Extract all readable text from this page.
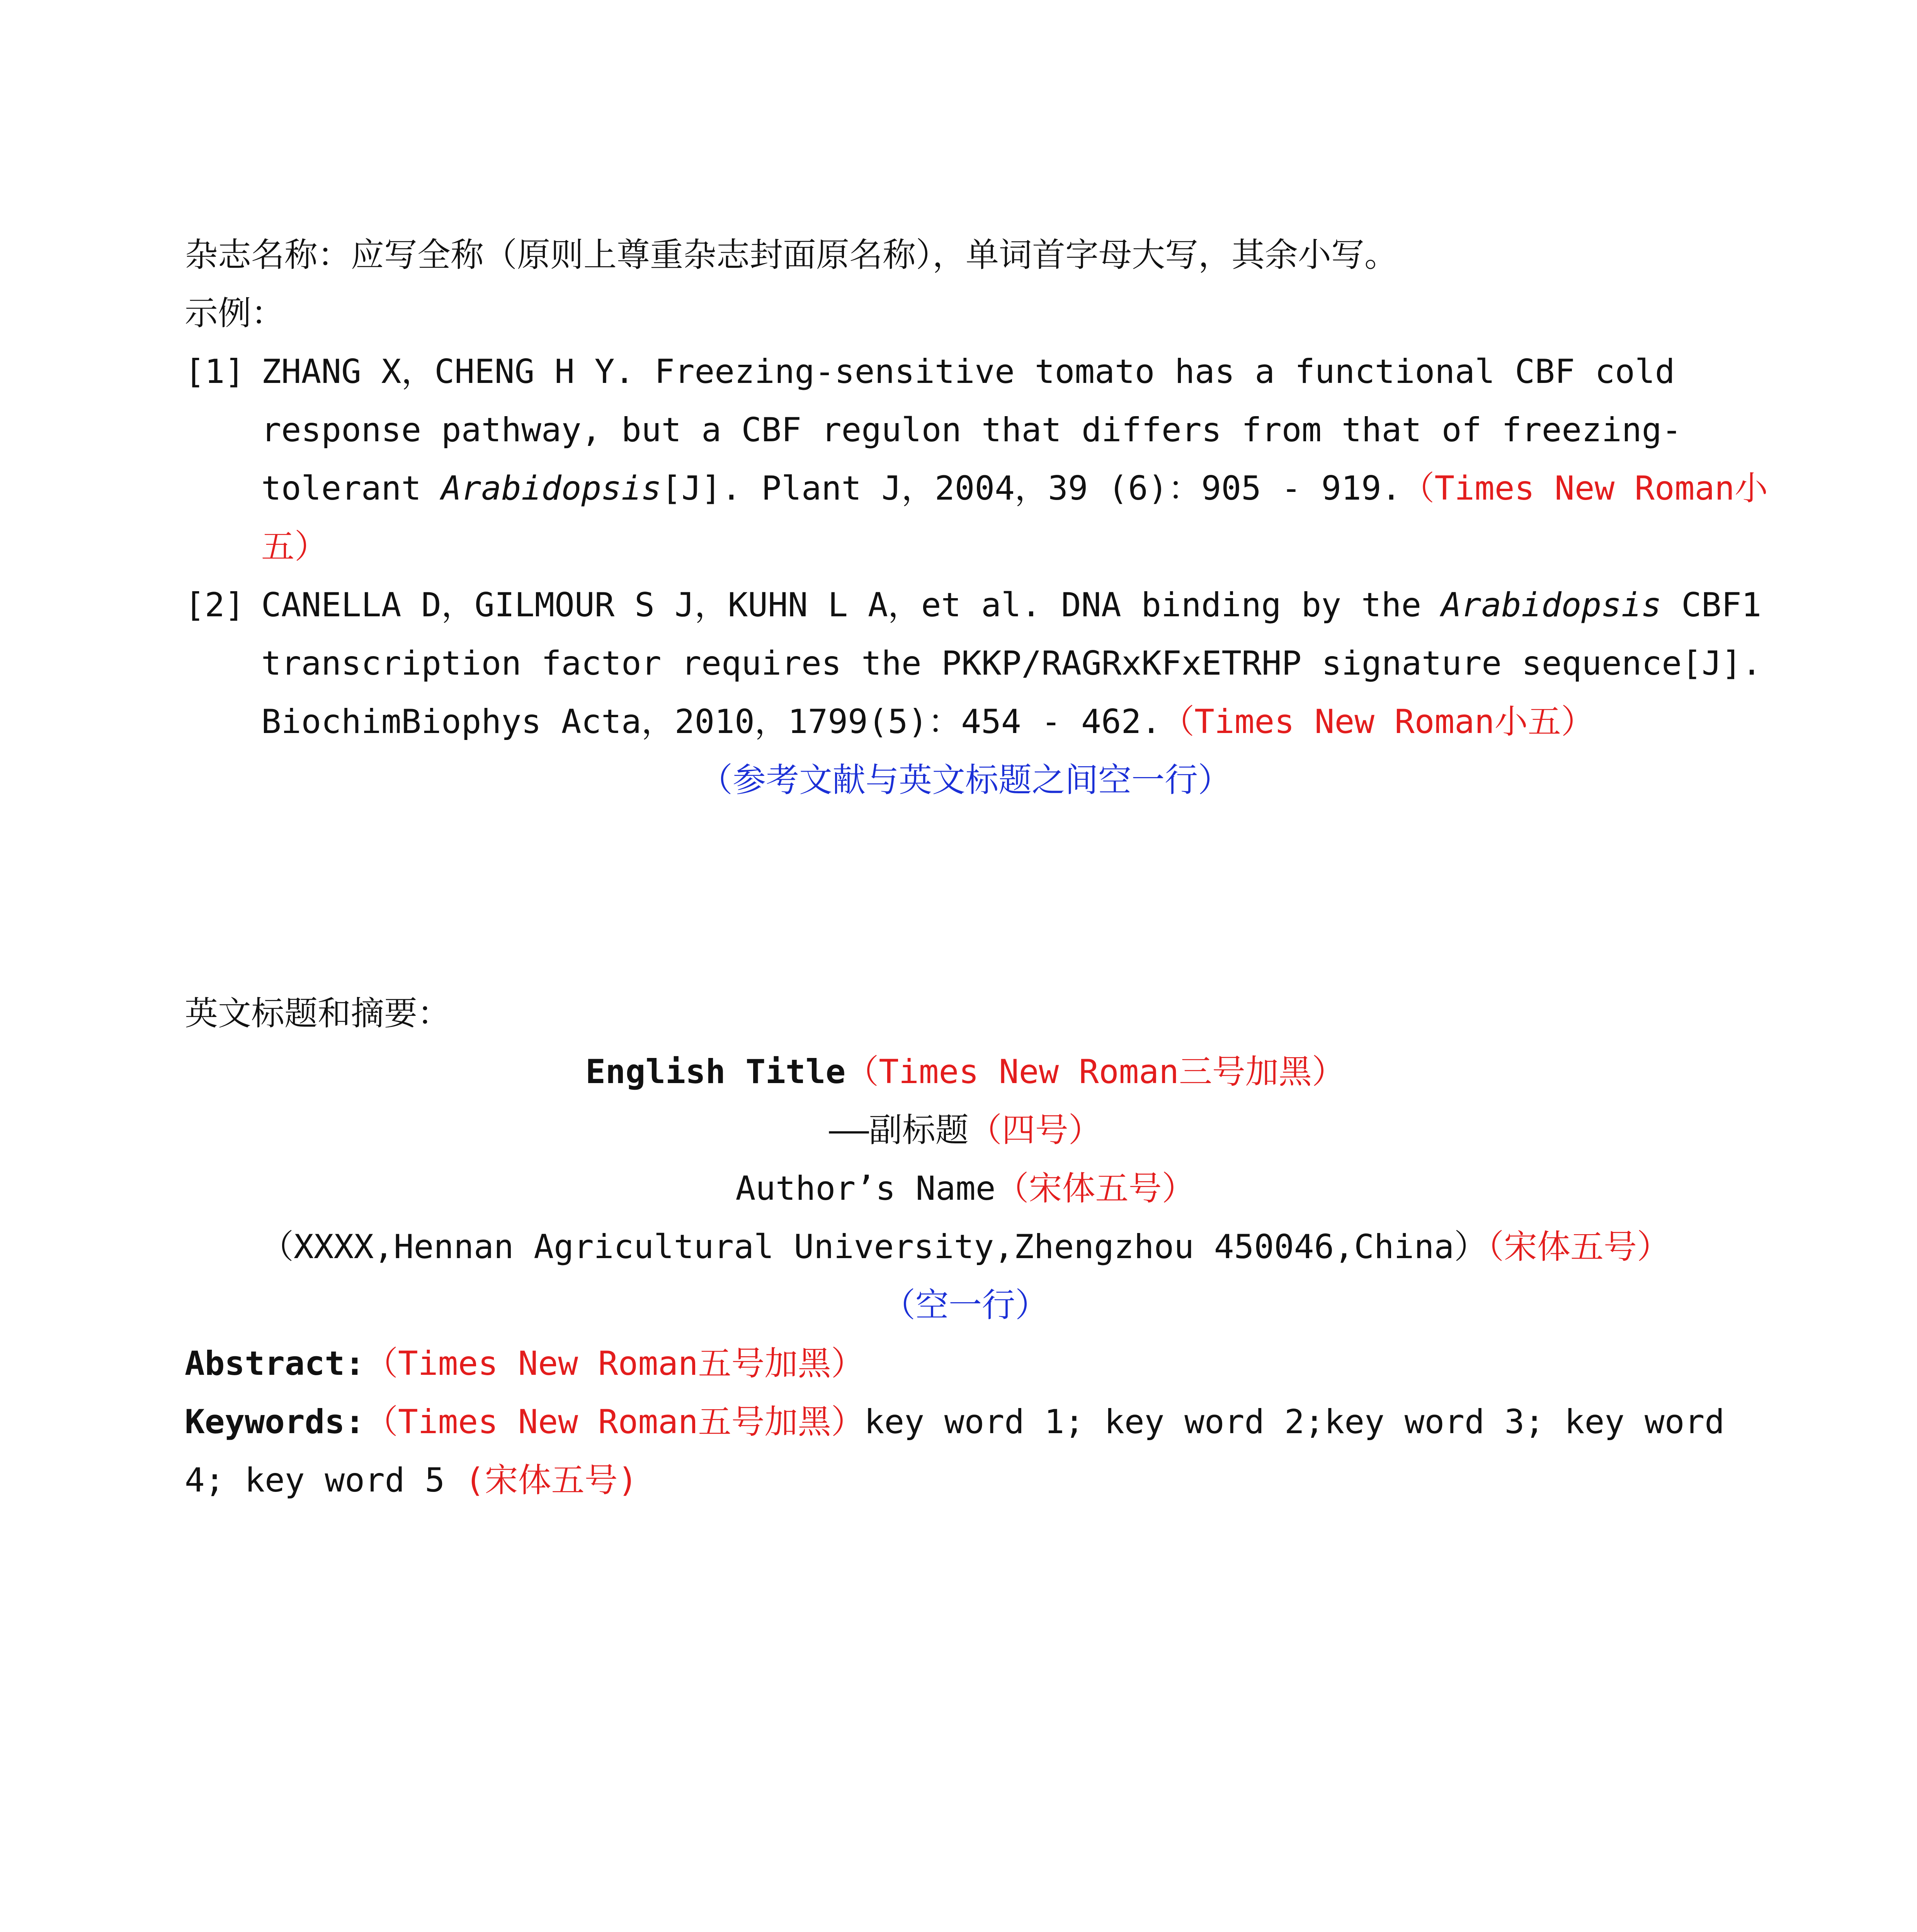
杂志名称：应写全称（原则上尊重杂志封面原名称），单词首字母大写，其余小写。

示例：

[1] ZHANG X，CHENG H Y. Freezing-sensitive tomato has a functional CBF cold
response pathway, but a CBF regulon that differs from that of freezing-
tolerant Arabidopsis[J]. Plant J，2004，39 (6)：905 - 919.（Times New Roman小
五）
[2] CANELLA D，GILMOUR S J，KUHN L A，et al. DNA binding by the Arabidopsis CBF1
transcription factor requires the PKKP/RAGRxKFxETRHP signature sequence[J].
BiochimBiophys Acta，2010，1799(5)：454 - 462.（Times New Roman小五）

（参考文献与英文标题之间空一行）

英文标题和摘要：

English Title（Times New Roman三号加黑）

——副标题（四号）

Author’s Name（宋体五号）

（XXXX,Hennan Agricultural University,Zhengzhou 450046,China）（宋体五号）

（空一行）

Abstract:（Times New Roman五号加黑）

Keywords:（Times New Roman五号加黑）key word 1; key word 2;key word 3; key word

4; key word 5 (宋体五号)
